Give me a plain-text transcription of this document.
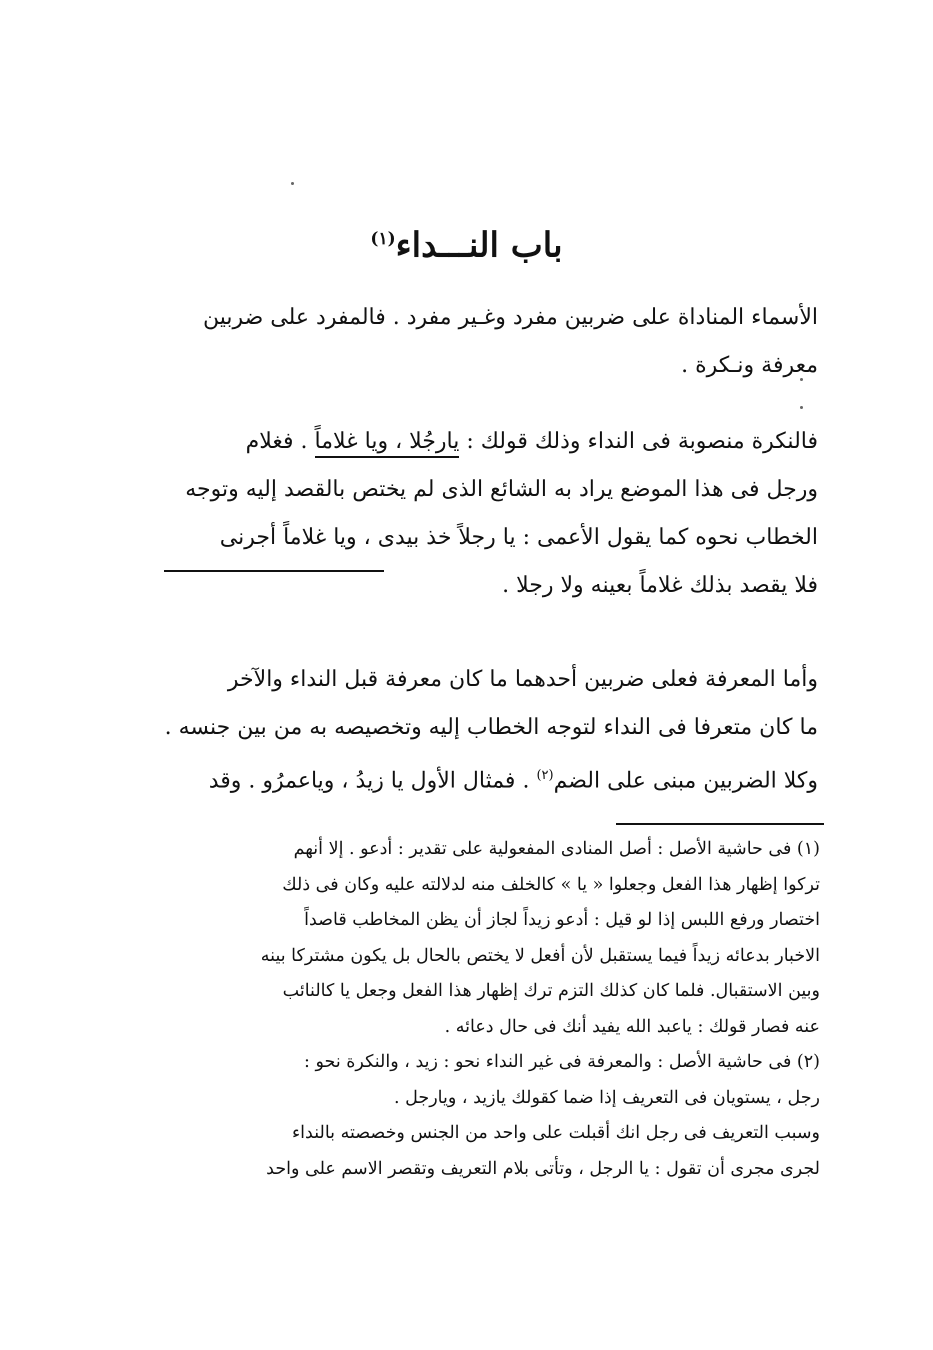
باب النـــداء$^{(١)}$
الأسماء المناداة على ضربين مفرد وغـير مفرد . فالمفرد على ضربين
معرفة ونـكرة .
فالنكرة منصوبة فى النداء وذلك قولك : يارجُلا ، ويا غلاماً . فغلام
ورجل فى هذا الموضع يراد به الشائع الذى لم يختص بالقصد إليه وتوجه
الخطاب نحوه كما يقول الأعمى : يا رجلاً خذ بيدى ، ويا غلاماً أجرنى
فلا يقصد بذلك غلاماً بعينه ولا رجلا .
وأما المعرفة فعلى ضربين أحدهما ما كان معرفة قبل النداء والآخر
ما كان متعرفا فى النداء لتوجه الخطاب إليه وتخصيصه به من بين جنسه .
وكلا الضربين مبنى على الضم$^{(٢)}$ . فمثال الأول يا زيدُ ، وياعمرُو . وقد
(١) فى حاشية الأصل : أصل المنادى المفعولية على تقدير : أدعو . إلا أنهم
تركوا إظهار هذا الفعل وجعلوا « يا » كالخلف منه لدلالته عليه وكان فى ذلك
اختصار ورفع اللبس إذا لو قيل : أدعو زيداً لجاز أن يظن المخاطب قاصداً
الاخبار بدعائه زيداً فيما يستقبل لأن أفعل لا يختص بالحال بل يكون مشتركا بينه
وبين الاستقبال. فلما كان كذلك التزم ترك إظهار هذا الفعل وجعل يا كالنائب
عنه فصار قولك : ياعبد الله يفيد أنك فى حال دعائه .
(٢) فى حاشية الأصل : والمعرفة فى غير النداء نحو : زيد ، والنكرة نحو :
رجل ، يستويان فى التعريف إذا ضما كقولك يازيد ، ويارجل .
وسبب التعريف فى رجل انك أقبلت على واحد من الجنس وخصصته بالنداء
لجرى مجرى أن تقول : يا الرجل ، وتأتى بلام التعريف وتقصر الاسم على واحد
